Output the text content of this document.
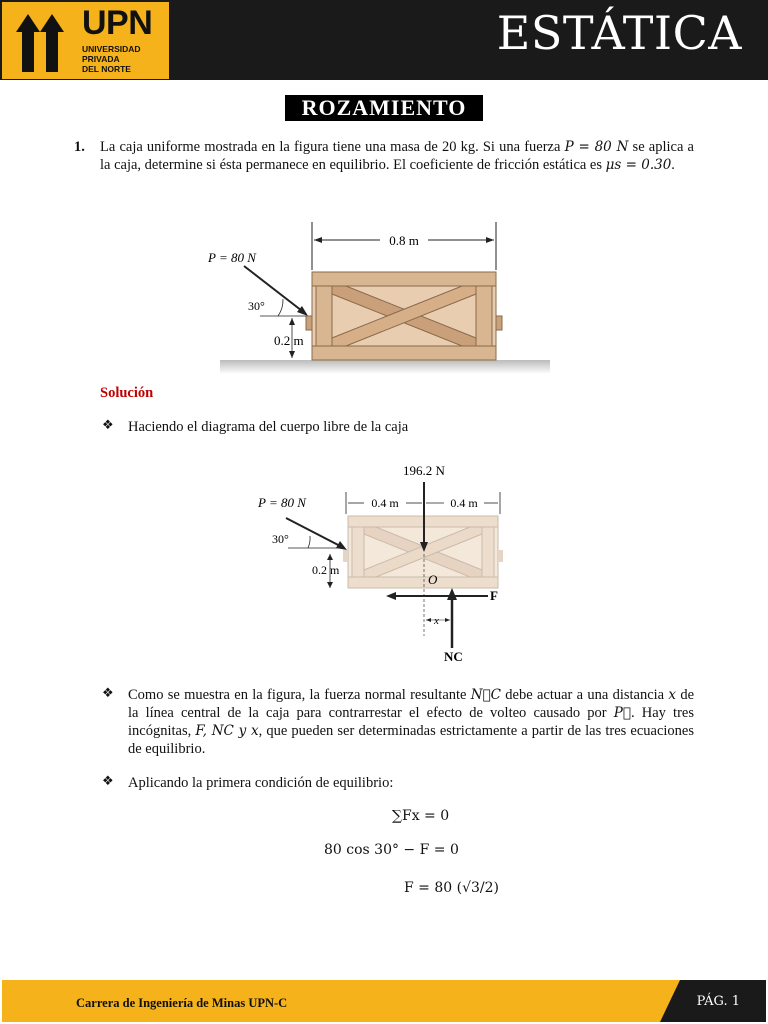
UPN
UNIVERSIDAD
PRIVADA
DEL NORTE
ESTÁTICA
ROZAMIENTO
1. La caja uniforme mostrada en la figura tiene una masa de 20 kg. Si una fuerza P = 80 N se aplica a la caja, determine si ésta permanece en equilibrio. El coeficiente de fricción estática es μs = 0.30.
0.8 m
P = 80 N
30°
0.2 m
Solución
❖ Haciendo el diagrama del cuerpo libre de la caja
196.2 N
0.4 m	0.4 m
P = 80 N
30°
0.2 m
O
F
x
NC
❖ Como se muestra en la figura, la fuerza normal resultante N⃗C debe actuar a una distancia x de la línea central de la caja para contrarrestar el efecto de volteo causado por P⃗. Hay tres incógnitas, F, NC y x, que pueden ser determinadas estrictamente a partir de las tres ecuaciones de equilibrio.
❖ Aplicando la primera condición de equilibrio:
∑Fx = 0
80 cos 30° − F = 0
F = 80 (√3/2)
Carrera de Ingeniería de Minas UPN-C	PÁG. 1
